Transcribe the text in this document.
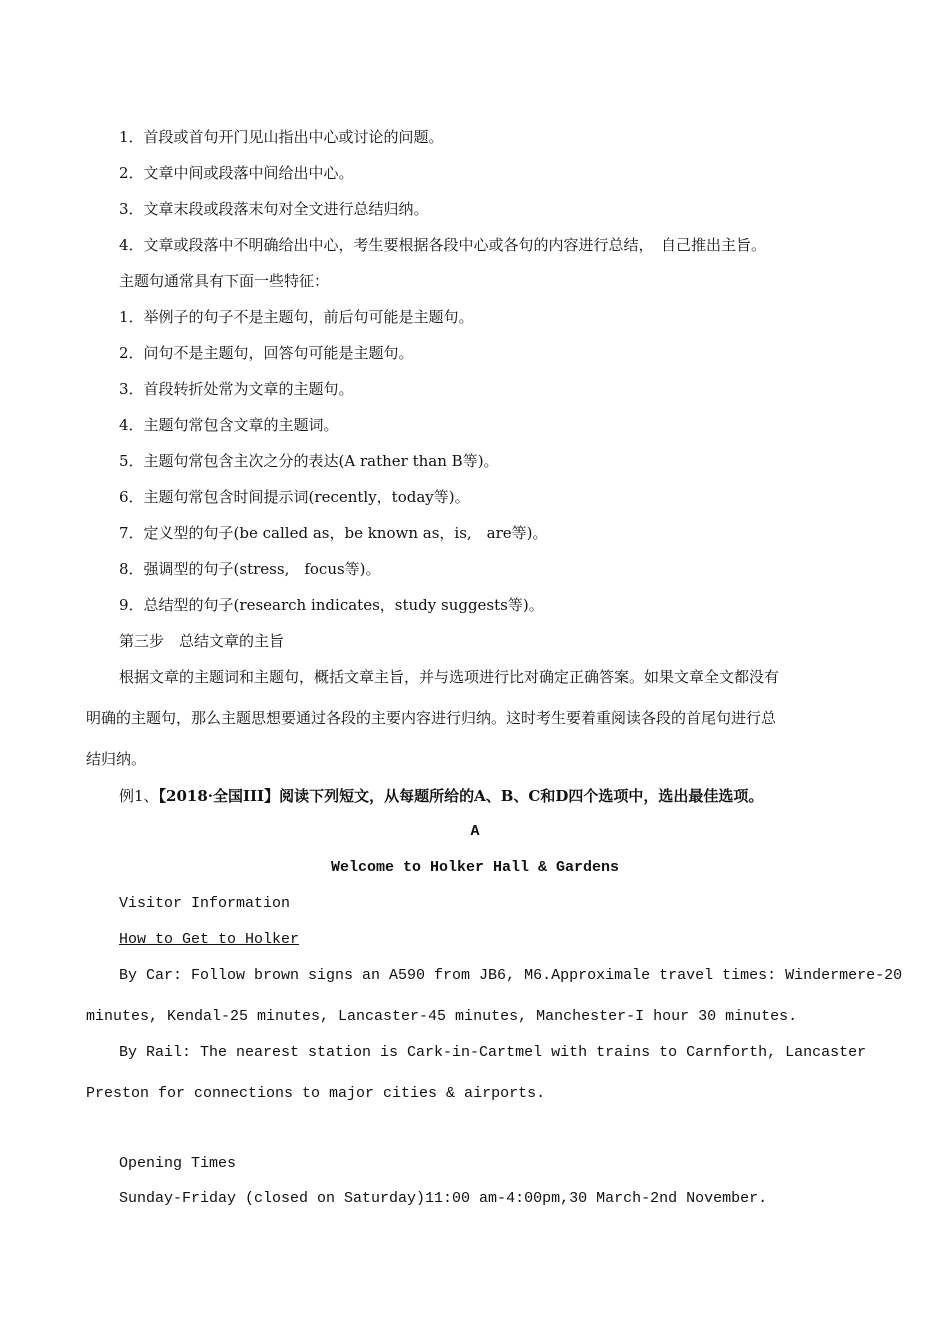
1．首段或首句开门见山指出中心或讨论的问题。
2．文章中间或段落中间给出中心。
3．文章末段或段落末句对全文进行总结归纳。
4．文章或段落中不明确给出中心，考生要根据各段中心或各句的内容进行总结，　自己推出主旨。
主题句通常具有下面一些特征：
1．举例子的句子不是主题句，前后句可能是主题句。
2．问句不是主题句，回答句可能是主题句。
3．首段转折处常为文章的主题句。
4．主题句常包含文章的主题词。
5．主题句常包含主次之分的表达(A rather than B等)。
6．主题句常包含时间提示词(recently，today等)。
7．定义型的句子(be called as，be known as，is,　are等)。
8．强调型的句子(stress,　focus等)。
9．总结型的句子(research indicates，study suggests等)。
第三步　总结文章的主旨
根据文章的主题词和主题句，概括文章主旨，并与选项进行比对确定正确答案。如果文章全文都没有
明确的主题句，那么主题思想要通过各段的主要内容进行归纳。这时考生要着重阅读各段的首尾句进行总
结归纳。
例1、【2018·全国III】阅读下列短文，从每题所给的A、B、C和D四个选项中，选出最佳选项。
A
Welcome to Holker Hall & Gardens
Visitor Information
How to Get to Holker
By Car: Follow brown signs an A590 from JB6, M6.Approximale travel times: Windermere-20
minutes, Kendal-25 minutes, Lancaster-45 minutes, Manchester-I hour 30 minutes.
By Rail: The nearest station is Cark-in-Cartmel with trains to Carnforth, Lancaster
Preston for connections to major cities & airports.
Opening Times
Sunday-Friday (closed on Saturday)11:00 am-4:00pm,30 March-2nd November.
